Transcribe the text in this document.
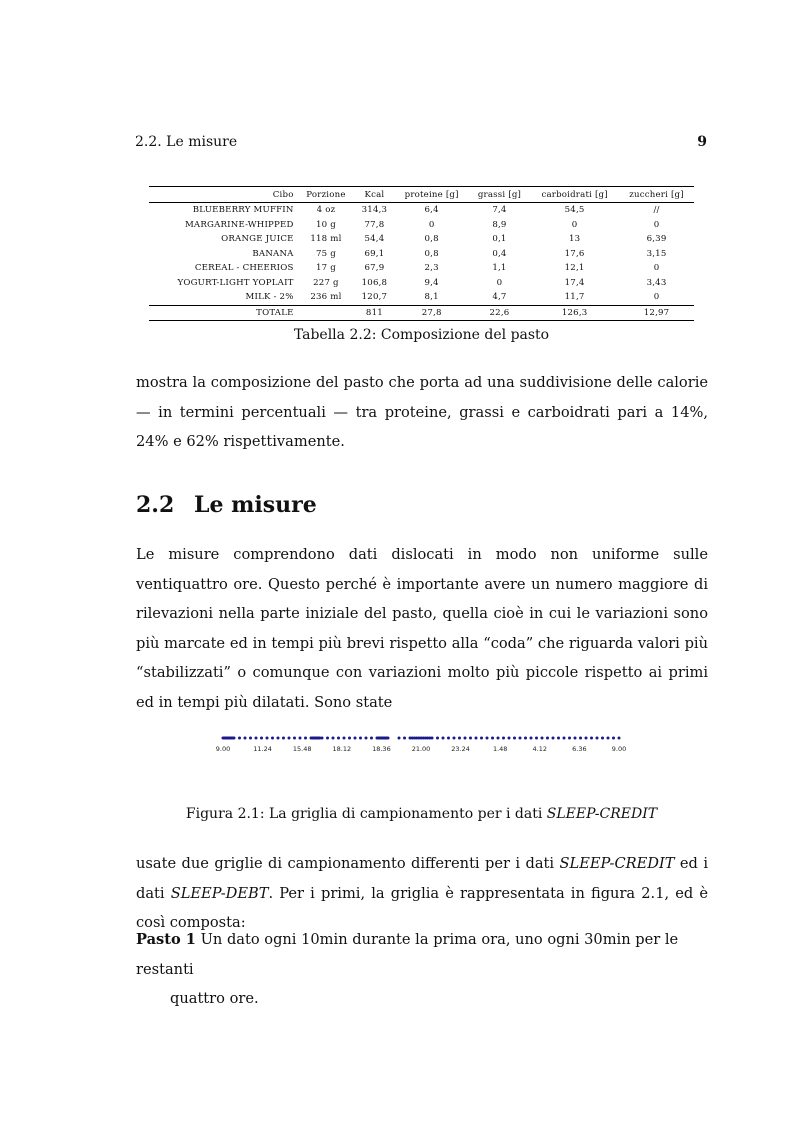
2.2. Le misure	9
Cibo	Porzione	Kcal	proteine [g]	grassi [g]	carboidrati [g]	zuccheri [g]
BLUEBERRY MUFFIN	4 oz	314,3	6,4	7,4	54,5	//
MARGARINE-WHIPPED	10 g	77,8	0	8,9	0	0
ORANGE JUICE	118 ml	54,4	0,8	0,1	13	6,39
BANANA	75 g	69,1	0,8	0,4	17,6	3,15
CEREAL - CHEERIOS	17 g	67,9	2,3	1,1	12,1	0
YOGURT-LIGHT YOPLAIT	227 g	106,8	9,4	0	17,4	3,43
MILK - 2%	236 ml	120,7	8,1	4,7	11,7	0
TOTALE		811	27,8	22,6	126,3	12,97
Tabella 2.2: Composizione del pasto

mostra la composizione del pasto che porta ad una suddivisione delle calorie — in termini percentuali — tra proteine, grassi e carboidrati pari a 14%, 24% e 62% rispettivamente.

2.2 Le misure

Le misure comprendono dati dislocati in modo non uniforme sulle ventiquattro ore. Questo perché è importante avere un numero maggiore di rilevazioni nella parte iniziale del pasto, quella cioè in cui le variazioni sono più marcate ed in tempi più brevi rispetto alla “coda” che riguarda valori più “stabilizzati” o comunque con variazioni molto più piccole rispetto ai primi ed in tempi più dilatati. Sono state

9.00	11.24	15.48	18.12	18.36	21.00	23.24	1.48	4.12	6.36	9.00
Figura 2.1: La griglia di campionamento per i dati SLEEP-CREDIT

usate due griglie di campionamento differenti per i dati SLEEP-CREDIT ed i dati SLEEP-DEBT. Per i primi, la griglia è rappresentata in figura 2.1, ed è così composta:

Pasto 1 Un dato ogni 10min durante la prima ora, uno ogni 30min per le restanti
quattro ore.
